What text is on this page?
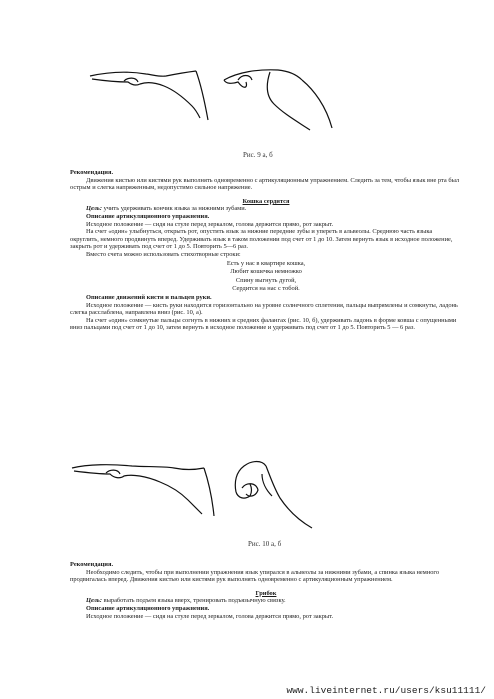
Рис. 9 а, б

Рекомендация.

Движения кистью или кистями рук выполнять одновременно с артикуляционным упражнением. Следить за тем, чтобы язык вне рта был острым и слегка напряженным, недопустимо сильное напряжение.

Кошка сердится

Цель: учить удерживать кончик языка за нижними зубами.

Описание артикуляционного упражнения.

Исходное положение — сидя на стуле перед зеркалом, голова держится прямо, рот закрыт.

На счет «один» улыбнуться, открыть рот, опустить язык за нижние передние зубы и упереть в альвеолы. Среднюю часть языка округлить, немного продвинуть вперед. Удерживать язык в таком положении под счет от 1 до 10. Затем вернуть язык в исходное положение, закрыть рот и удерживать под счет от 1 до 5. Повторить 5—6 раз.

Вместо счета можно использовать стихотворные строки:

Есть у нас в квартире кошка,

Любит кошечка немножко

Спину выгнуть дугой,

Сердится на нас с тобой.

Описание движений кисти и пальцев руки.

Исходное положение — кисть руки находится горизонтально на уровне солнечного сплетения, пальцы выпрямлены и сомкнуты, ладонь слегка расслаблена, направлена вниз (рис. 10, а).

На счет «один» сомкнутые пальцы согнуть в нижних и средних фалангах (рис. 10, б), удерживать ладонь в форме ковша с опущенными вниз пальцами под счет от 1 до 10, затем вернуть в исходное положение и удерживать под счет от 1 до 5. Повторить 5 — 6 раз.

Рис. 10 а, б

Рекомендация.

Необходимо следить, чтобы при выполнении упражнения язык упирался в альвеолы за нижними зубами, а спинка языка немного продвигалась вперед. Движения кистью или кистями рук выполнять одновременно с артикуляционным упражнением.

Грибок

Цель: выработать подъем языка вверх, тренировать подъязычную связку.

Описание артикуляционного упражнения.

Исходное положение — сидя на стуле перед зеркалом, голова держится прямо, рот закрыт.

www.liveinternet.ru/users/ksu11111/
